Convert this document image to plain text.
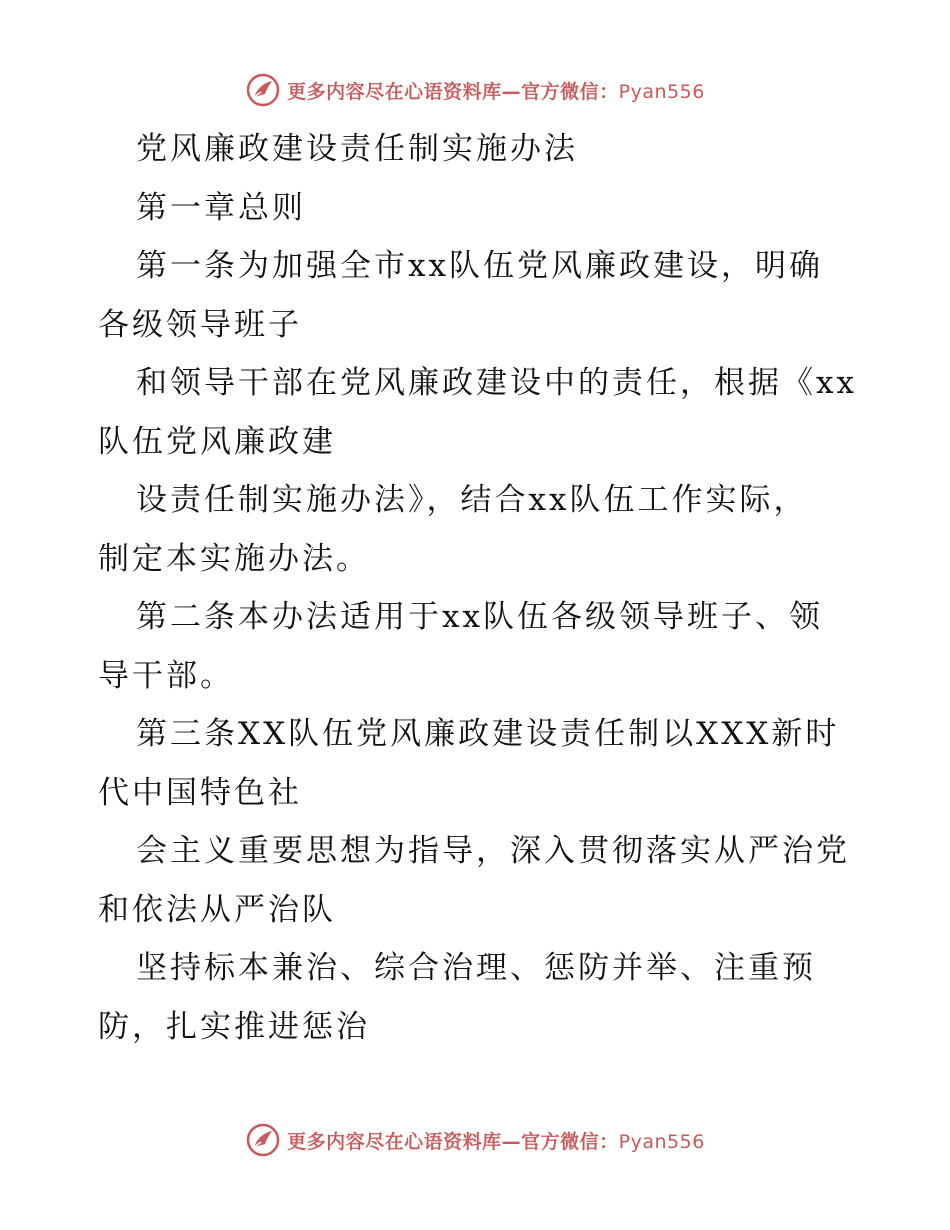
更多内容尽在心语资料库—官方微信：Pyan556
党风廉政建设责任制实施办法
第一章总则
第一条为加强全市xx队伍党风廉政建设，明确
各级领导班子
和领导干部在党风廉政建设中的责任，根据《xx
队伍党风廉政建
设责任制实施办法》，结合xx队伍工作实际，
制定本实施办法。
第二条本办法适用于xx队伍各级领导班子、领
导干部。
第三条XX队伍党风廉政建设责任制以XXX新时
代中国特色社
会主义重要思想为指导，深入贯彻落实从严治党
和依法从严治队
坚持标本兼治、综合治理、惩防并举、注重预
防，扎实推进惩治
更多内容尽在心语资料库—官方微信：Pyan556
